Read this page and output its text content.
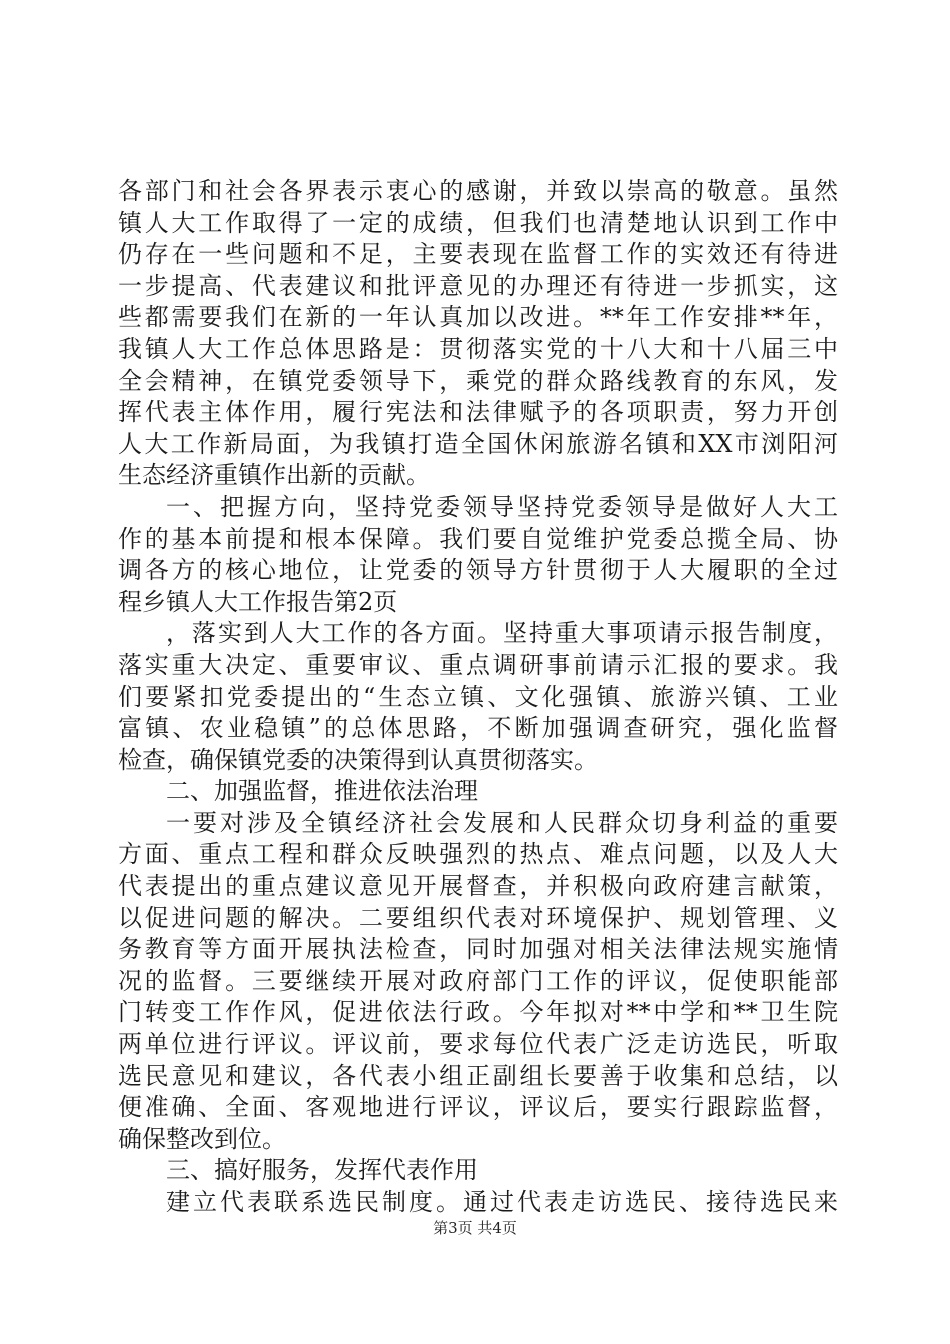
各部门和社会各界表示衷心的感谢，并致以崇高的敬意。虽然
镇人大工作取得了一定的成绩，但我们也清楚地认识到工作中
仍存在一些问题和不足，主要表现在监督工作的实效还有待进
一步提高、代表建议和批评意见的办理还有待进一步抓实，这
些都需要我们在新的一年认真加以改进。**年工作安排**年，
我镇人大工作总体思路是：贯彻落实党的十八大和十八届三中
全会精神，在镇党委领导下，乘党的群众路线教育的东风，发
挥代表主体作用，履行宪法和法律赋予的各项职责，努力开创
人大工作新局面，为我镇打造全国休闲旅游名镇和XX市浏阳河
生态经济重镇作出新的贡献。
一、把握方向，坚持党委领导坚持党委领导是做好人大工
作的基本前提和根本保障。我们要自觉维护党委总揽全局、协
调各方的核心地位，让党委的领导方针贯彻于人大履职的全过
程乡镇人大工作报告第2页
，落实到人大工作的各方面。坚持重大事项请示报告制度，
落实重大决定、重要审议、重点调研事前请示汇报的要求。我
们要紧扣党委提出的“生态立镇、文化强镇、旅游兴镇、工业
富镇、农业稳镇”的总体思路，不断加强调查研究，强化监督
检查，确保镇党委的决策得到认真贯彻落实。
二、加强监督，推进依法治理
一要对涉及全镇经济社会发展和人民群众切身利益的重要
方面、重点工程和群众反映强烈的热点、难点问题，以及人大
代表提出的重点建议意见开展督查，并积极向政府建言献策，
以促进问题的解决。二要组织代表对环境保护、规划管理、义
务教育等方面开展执法检查，同时加强对相关法律法规实施情
况的监督。三要继续开展对政府部门工作的评议，促使职能部
门转变工作作风，促进依法行政。今年拟对**中学和**卫生院
两单位进行评议。评议前，要求每位代表广泛走访选民，听取
选民意见和建议，各代表小组正副组长要善于收集和总结，以
便准确、全面、客观地进行评议，评议后，要实行跟踪监督，
确保整改到位。
三、搞好服务，发挥代表作用
建立代表联系选民制度。通过代表走访选民、接待选民来
第3页 共4页
